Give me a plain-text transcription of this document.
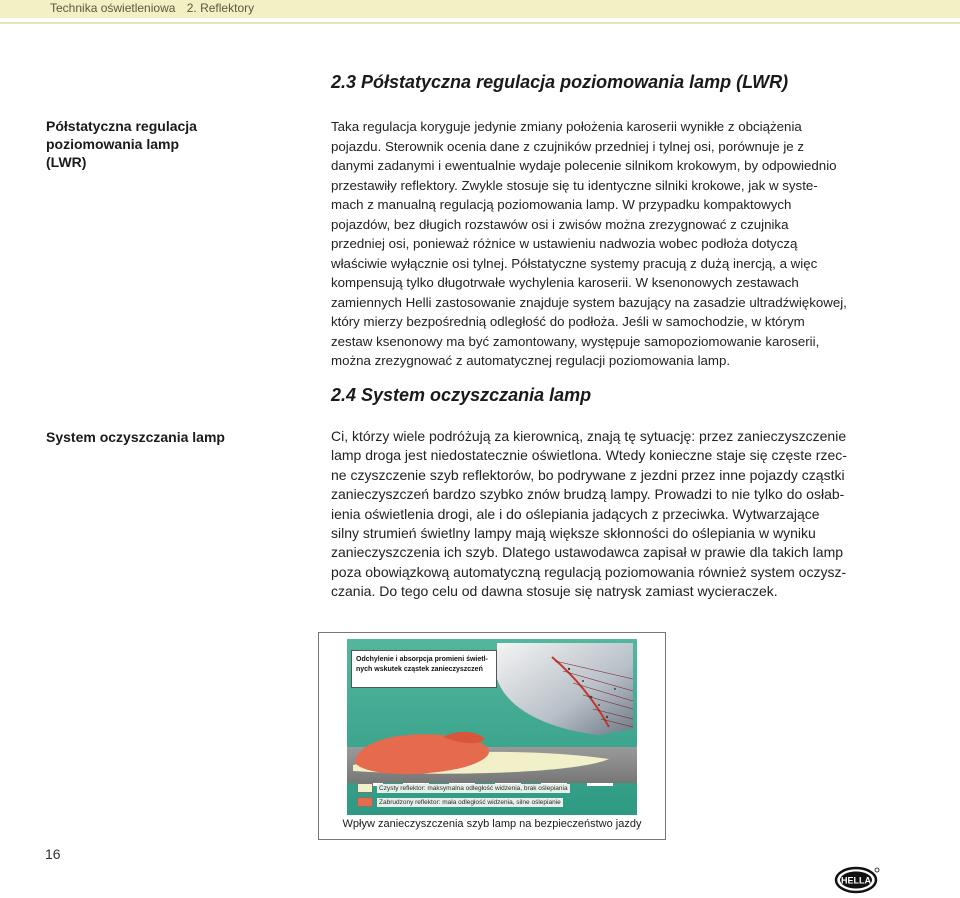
Technika oświetleniowa 2. Reflektory
2.3 Półstatyczna regulacja poziomowania lamp (LWR)
Półstatyczna regulacja
poziomowania lamp
(LWR)
Taka regulacja koryguje jedynie zmiany położenia karoserii wynikłe z obciążenia
pojazdu. Sterownik ocenia dane z czujników przedniej i tylnej osi, porównuje je z
danymi zadanymi i ewentualnie wydaje polecenie silnikom krokowym, by odpowiednio
przestawiły reflektory. Zwykle stosuje się tu identyczne silniki krokowe, jak w syste-
mach z manualną regulacją poziomowania lamp. W przypadku kompaktowych
pojazdów, bez długich rozstawów osi i zwisów można zrezygnować z czujnika
przedniej osi, ponieważ różnice w ustawieniu nadwozia wobec podłoża dotyczą
właściwie wyłącznie osi tylnej. Półstatyczne systemy pracują z dużą inercją, a więc
kompensują tylko długotrwałe wychylenia karoserii. W ksenonowych zestawach
zamiennych Helli zastosowanie znajduje system bazujący na zasadzie ultradźwiękowej,
który mierzy bezpośrednią odległość do podłoża. Jeśli w samochodzie, w którym
zestaw ksenonowy ma być zamontowany, występuje samopoziomowanie karoserii,
można zrezygnować z automatycznej regulacji poziomowania lamp.
2.4 System oczyszczania lamp
System oczyszczania lamp	Ci, którzy wiele podróżują za kierownicą, znają tę sytuację: przez zanieczyszczenie
lamp droga jest niedostatecznie oświetlona. Wtedy konieczne staje się częste rzec-
ne czyszczenie szyb reflektorów, bo podrywane z jezdni przez inne pojazdy cząstki
zanieczyszczeń bardzo szybko znów brudzą lampy. Prowadzi to nie tylko do osłab-
ienia oświetlenia drogi, ale i do oślepiania jadących z przeciwka. Wytwarzające
silny strumień świetlny lampy mają większe skłonności do oślepiania w wyniku
zanieczyszczenia ich szyb. Dlatego ustawodawca zapisał w prawie dla takich lamp
poza obowiązkową automatyczną regulacją poziomowania również system oczysz-
czania. Do tego celu od dawna stosuje się natrysk zamiast wycieraczek.
Odchylenie i absorpcja promieni świetl-
nych wskutek cząstek zanieczyszczeń
Czysty reflektor: maksymalna odległość widzenia, brak oślepiania
Zabrudzony reflektor: mała odległość widzenia, silne oślepianie
Wpływ zanieczyszczenia szyb lamp na bezpieczeństwo jazdy
16
HELLA
